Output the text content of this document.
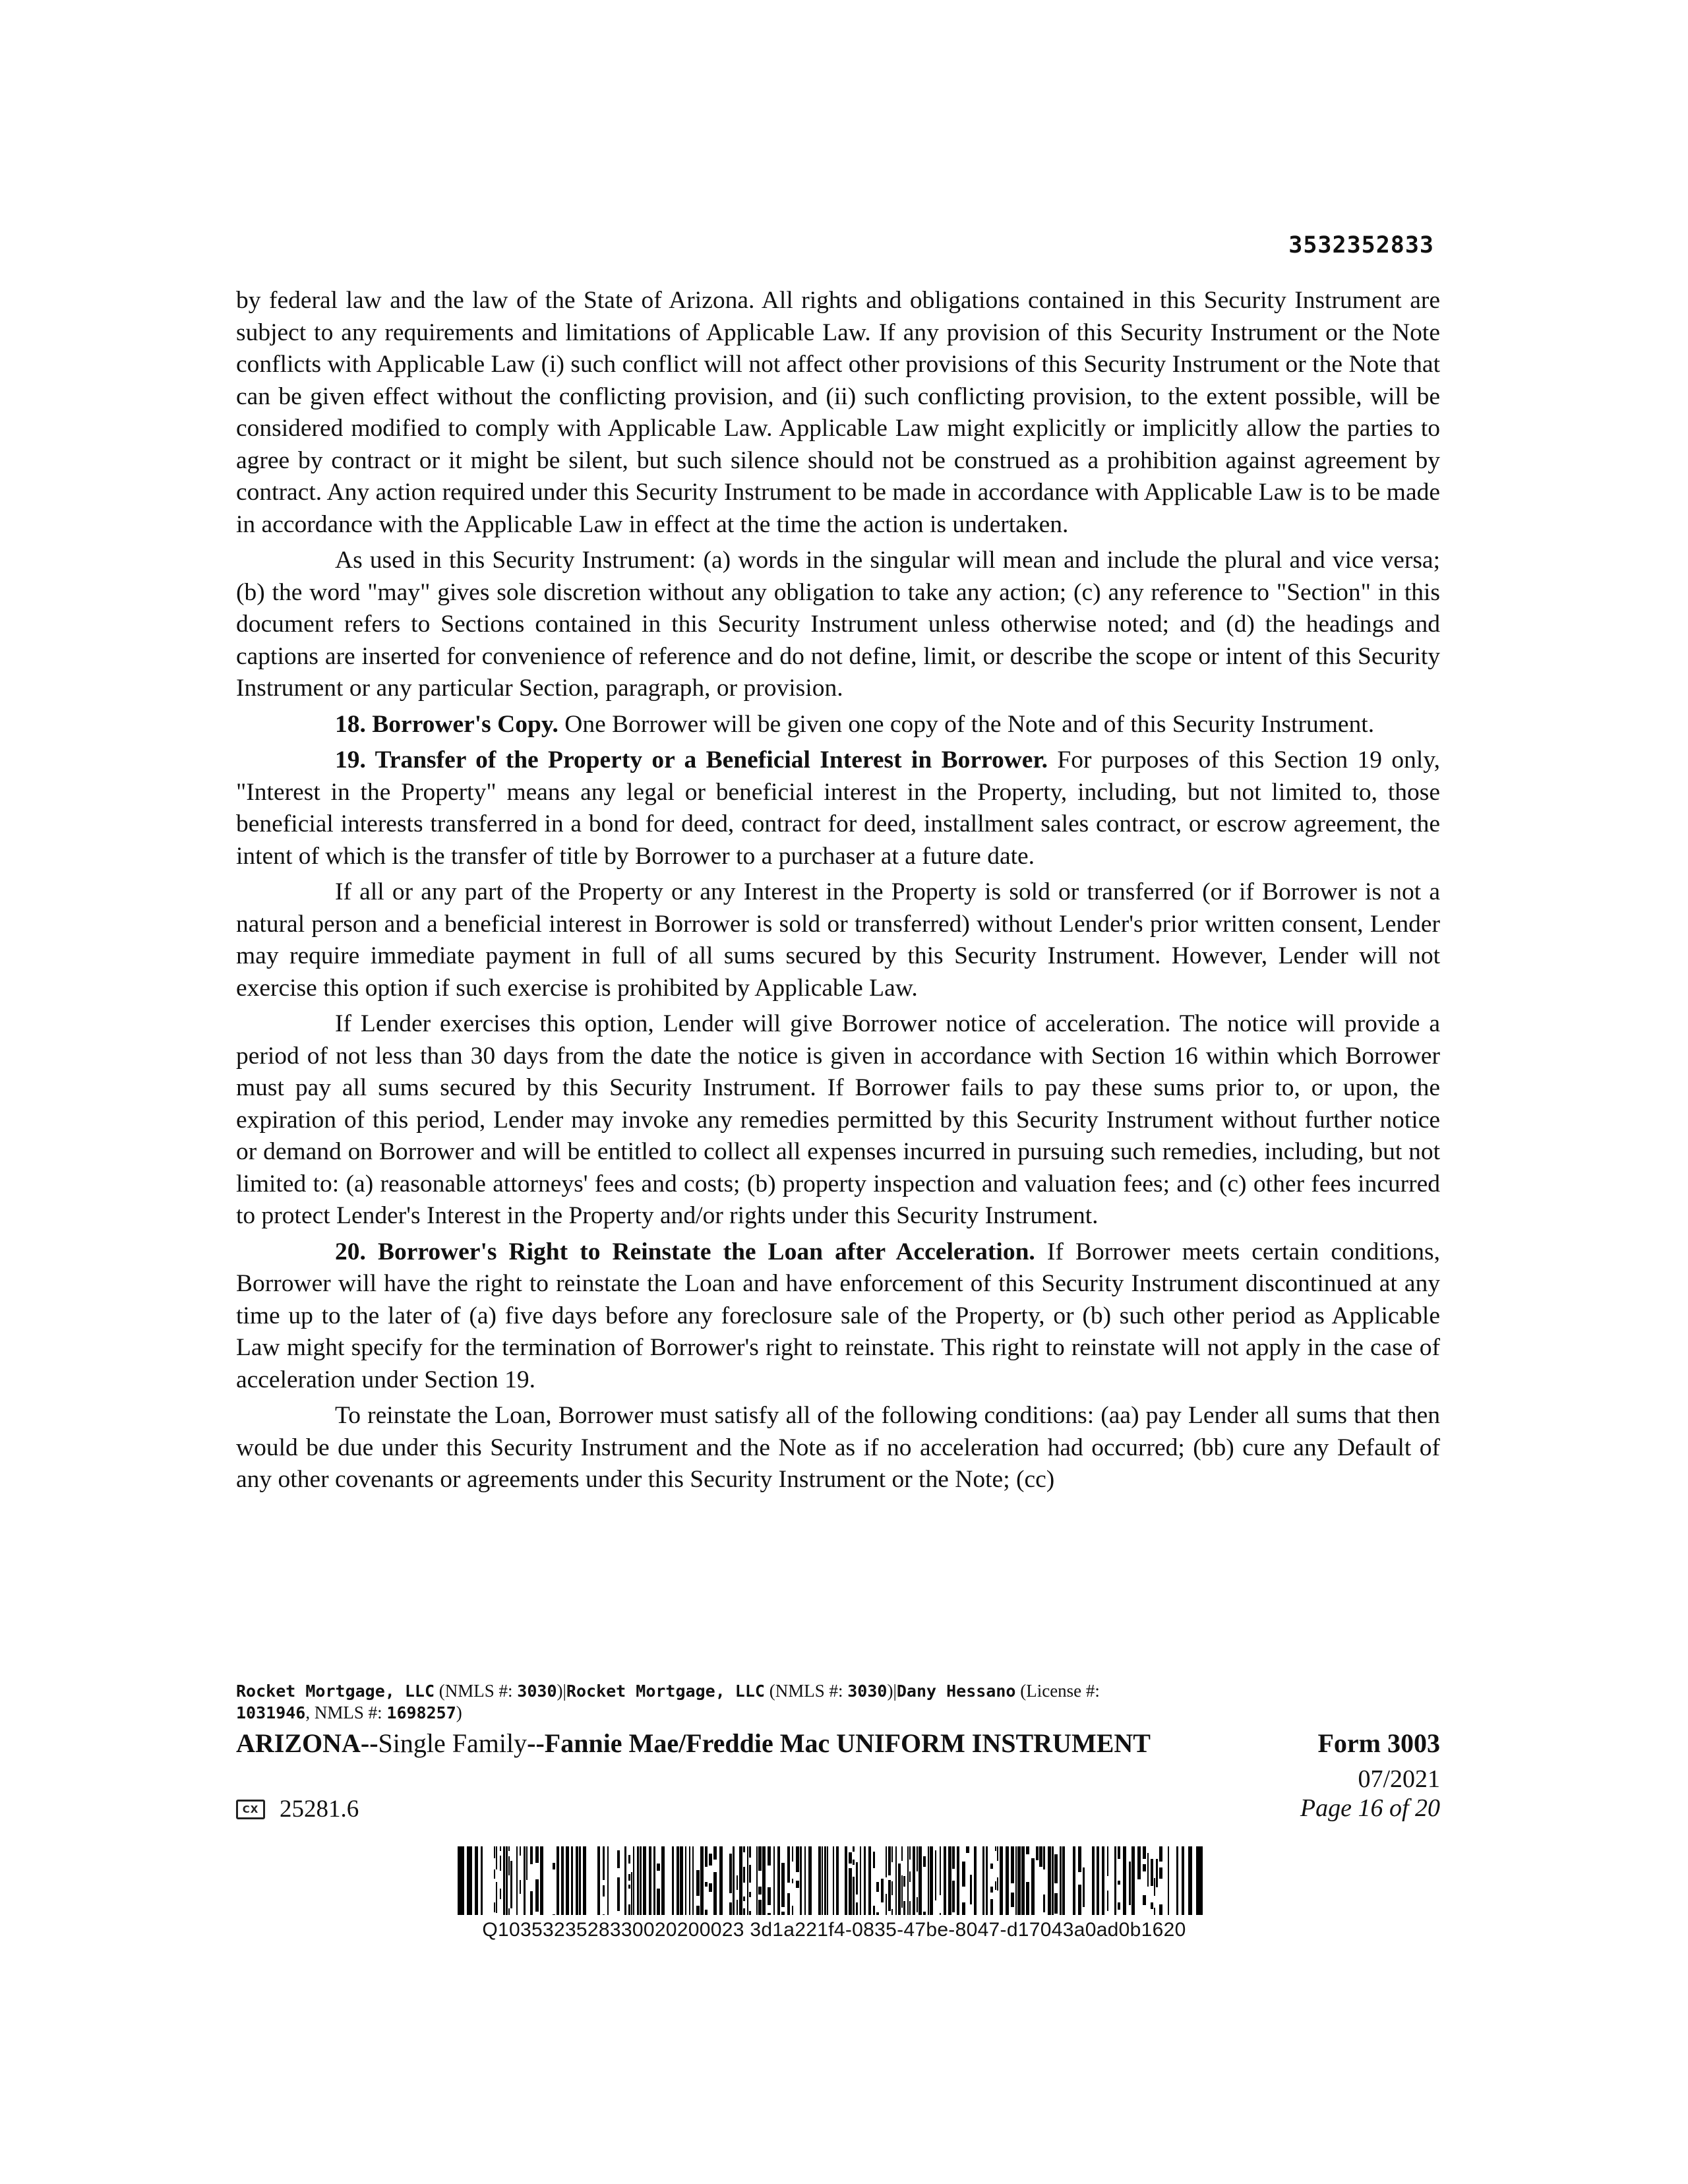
3532352833

by federal law and the law of the State of Arizona. All rights and obligations contained in this Security Instrument are subject to any requirements and limitations of Applicable Law. If any provision of this Security Instrument or the Note conflicts with Applicable Law (i) such conflict will not affect other provisions of this Security Instrument or the Note that can be given effect without the conflicting provision, and (ii) such conflicting provision, to the extent possible, will be considered modified to comply with Applicable Law. Applicable Law might explicitly or implicitly allow the parties to agree by contract or it might be silent, but such silence should not be construed as a prohibition against agreement by contract. Any action required under this Security Instrument to be made in accordance with Applicable Law is to be made in accordance with the Applicable Law in effect at the time the action is undertaken.

As used in this Security Instrument: (a) words in the singular will mean and include the plural and vice versa; (b) the word "may" gives sole discretion without any obligation to take any action; (c) any reference to "Section" in this document refers to Sections contained in this Security Instrument unless otherwise noted; and (d) the headings and captions are inserted for convenience of reference and do not define, limit, or describe the scope or intent of this Security Instrument or any particular Section, paragraph, or provision.

18. Borrower's Copy. One Borrower will be given one copy of the Note and of this Security Instrument.

19. Transfer of the Property or a Beneficial Interest in Borrower. For purposes of this Section 19 only, "Interest in the Property" means any legal or beneficial interest in the Property, including, but not limited to, those beneficial interests transferred in a bond for deed, contract for deed, installment sales contract, or escrow agreement, the intent of which is the transfer of title by Borrower to a purchaser at a future date.

If all or any part of the Property or any Interest in the Property is sold or transferred (or if Borrower is not a natural person and a beneficial interest in Borrower is sold or transferred) without Lender's prior written consent, Lender may require immediate payment in full of all sums secured by this Security Instrument. However, Lender will not exercise this option if such exercise is prohibited by Applicable Law.

If Lender exercises this option, Lender will give Borrower notice of acceleration. The notice will provide a period of not less than 30 days from the date the notice is given in accordance with Section 16 within which Borrower must pay all sums secured by this Security Instrument. If Borrower fails to pay these sums prior to, or upon, the expiration of this period, Lender may invoke any remedies permitted by this Security Instrument without further notice or demand on Borrower and will be entitled to collect all expenses incurred in pursuing such remedies, including, but not limited to: (a) reasonable attorneys' fees and costs; (b) property inspection and valuation fees; and (c) other fees incurred to protect Lender's Interest in the Property and/or rights under this Security Instrument.

20. Borrower's Right to Reinstate the Loan after Acceleration. If Borrower meets certain conditions, Borrower will have the right to reinstate the Loan and have enforcement of this Security Instrument discontinued at any time up to the later of (a) five days before any foreclosure sale of the Property, or (b) such other period as Applicable Law might specify for the termination of Borrower's right to reinstate. This right to reinstate will not apply in the case of acceleration under Section 19.

To reinstate the Loan, Borrower must satisfy all of the following conditions: (aa) pay Lender all sums that then would be due under this Security Instrument and the Note as if no acceleration had occurred; (bb) cure any Default of any other covenants or agreements under this Security Instrument or the Note; (cc)

Rocket Mortgage, LLC (NMLS #: 3030)|Rocket Mortgage, LLC (NMLS #: 3030)|Dany Hessano (License #:
1031946, NMLS #: 1698257)
ARIZONA--Single Family--Fannie Mae/Freddie Mac UNIFORM INSTRUMENT	Form 3003
07/2021
CX 25281.6	Page 16 of 20
Q1035323528330020200023 3d1a221f4-0835-47be-8047-d17043a0ad0b1620
